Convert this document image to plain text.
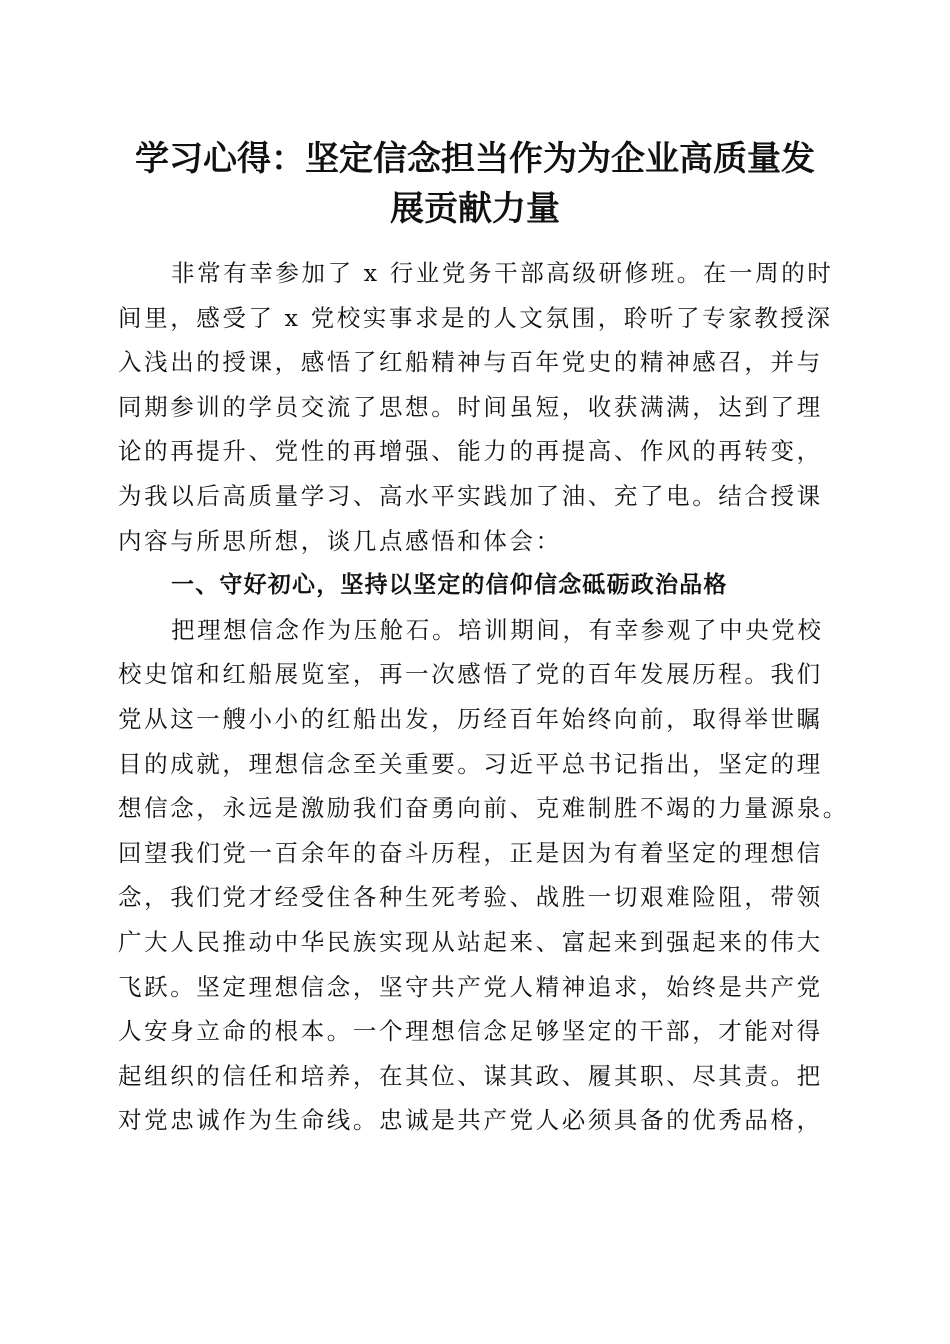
学习心得：坚定信念担当作为为企业高质量发
展贡献力量
非常有幸参加了 x 行业党务干部高级研修班。在一周的时
间里，感受了 x 党校实事求是的人文氛围，聆听了专家教授深
入浅出的授课，感悟了红船精神与百年党史的精神感召，并与
同期参训的学员交流了思想。时间虽短，收获满满，达到了理
论的再提升、党性的再增强、能力的再提高、作风的再转变，
为我以后高质量学习、高水平实践加了油、充了电。结合授课
内容与所思所想，谈几点感悟和体会：
一、守好初心，坚持以坚定的信仰信念砥砺政治品格
把理想信念作为压舱石。培训期间，有幸参观了中央党校
校史馆和红船展览室，再一次感悟了党的百年发展历程。我们
党从这一艘小小的红船出发，历经百年始终向前，取得举世瞩
目的成就，理想信念至关重要。习近平总书记指出，坚定的理
想信念，永远是激励我们奋勇向前、克难制胜不竭的力量源泉。
回望我们党一百余年的奋斗历程，正是因为有着坚定的理想信
念，我们党才经受住各种生死考验、战胜一切艰难险阻，带领
广大人民推动中华民族实现从站起来、富起来到强起来的伟大
飞跃。坚定理想信念，坚守共产党人精神追求，始终是共产党
人安身立命的根本。一个理想信念足够坚定的干部，才能对得
起组织的信任和培养，在其位、谋其政、履其职、尽其责。把
对党忠诚作为生命线。忠诚是共产党人必须具备的优秀品格，
